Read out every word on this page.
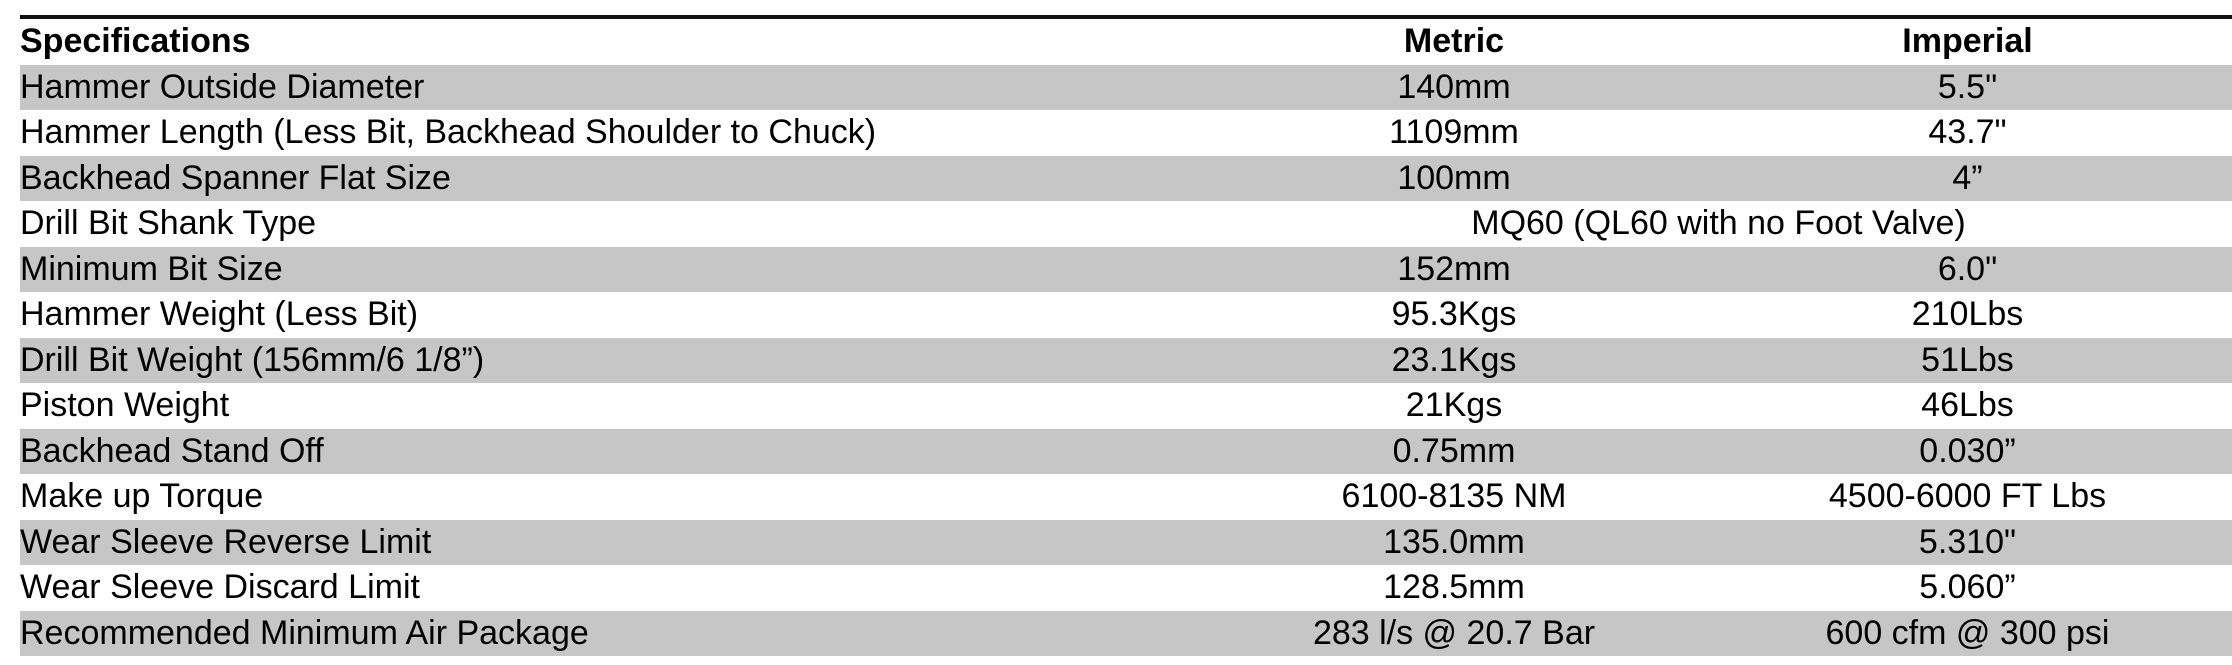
Specifications	Metric	Imperial
Hammer Outside Diameter	140mm	5.5"
Hammer Length (Less Bit, Backhead Shoulder to Chuck)	1109mm	43.7"
Backhead Spanner Flat Size	100mm	4”
Drill Bit Shank Type	MQ60 (QL60 with no Foot Valve)	
Minimum Bit Size	152mm	6.0"
Hammer Weight (Less Bit)	95.3Kgs	210Lbs
Drill Bit Weight (156mm/6 1/8”)	23.1Kgs	51Lbs
Piston Weight	21Kgs	46Lbs
Backhead Stand Off	0.75mm	0.030”
Make up Torque	6100-8135 NM	4500-6000 FT Lbs
Wear Sleeve Reverse Limit	135.0mm	5.310"
Wear Sleeve Discard Limit	128.5mm	5.060”
Recommended Minimum Air Package	283 l/s @ 20.7 Bar	600 cfm @ 300 psi
